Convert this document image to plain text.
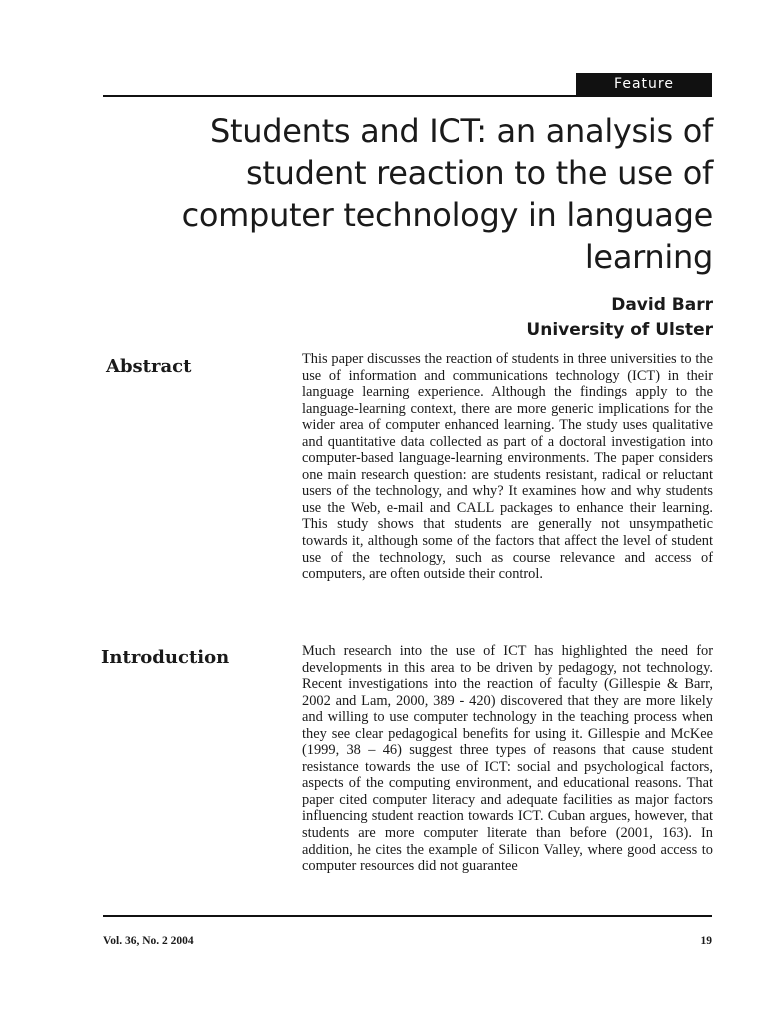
Feature
Students and ICT: an analysis of student reaction to the use of computer technology in language learning
David Barr
University of Ulster
Abstract	This paper discusses the reaction of students in three universities to the use of information and communications technology (ICT) in their language learning experience. Although the findings apply to the language-learning context, there are more generic implications for the wider area of computer enhanced learning. The study uses qualitative and quantitative data collected as part of a doctoral investigation into computer-based language-learning environments. The paper considers one main research question: are students resistant, radical or reluctant users of the technology, and why? It examines how and why students use the Web, e-mail and CALL packages to enhance their learning. This study shows that students are generally not unsympathetic towards it, although some of the factors that affect the level of student use of the technology, such as course relevance and access of computers, are often outside their control.

Introduction	Much research into the use of ICT has highlighted the need for developments in this area to be driven by pedagogy, not technology. Recent investigations into the reaction of faculty (Gillespie & Barr, 2002 and Lam, 2000, 389 - 420) discovered that they are more likely and willing to use computer technology in the teaching process when they see clear pedagogical benefits for using it. Gillespie and McKee (1999, 38 – 46) suggest three types of reasons that cause student resistance towards the use of ICT: social and psychological factors, aspects of the computing environment, and educational reasons. That paper cited computer literacy and adequate facilities as major factors influencing student reaction towards ICT. Cuban argues, however, that students are more computer literate than before (2001, 163). In addition, he cites the example of Silicon Valley, where good access to computer resources did not guarantee

Vol. 36, No. 2 2004	19
